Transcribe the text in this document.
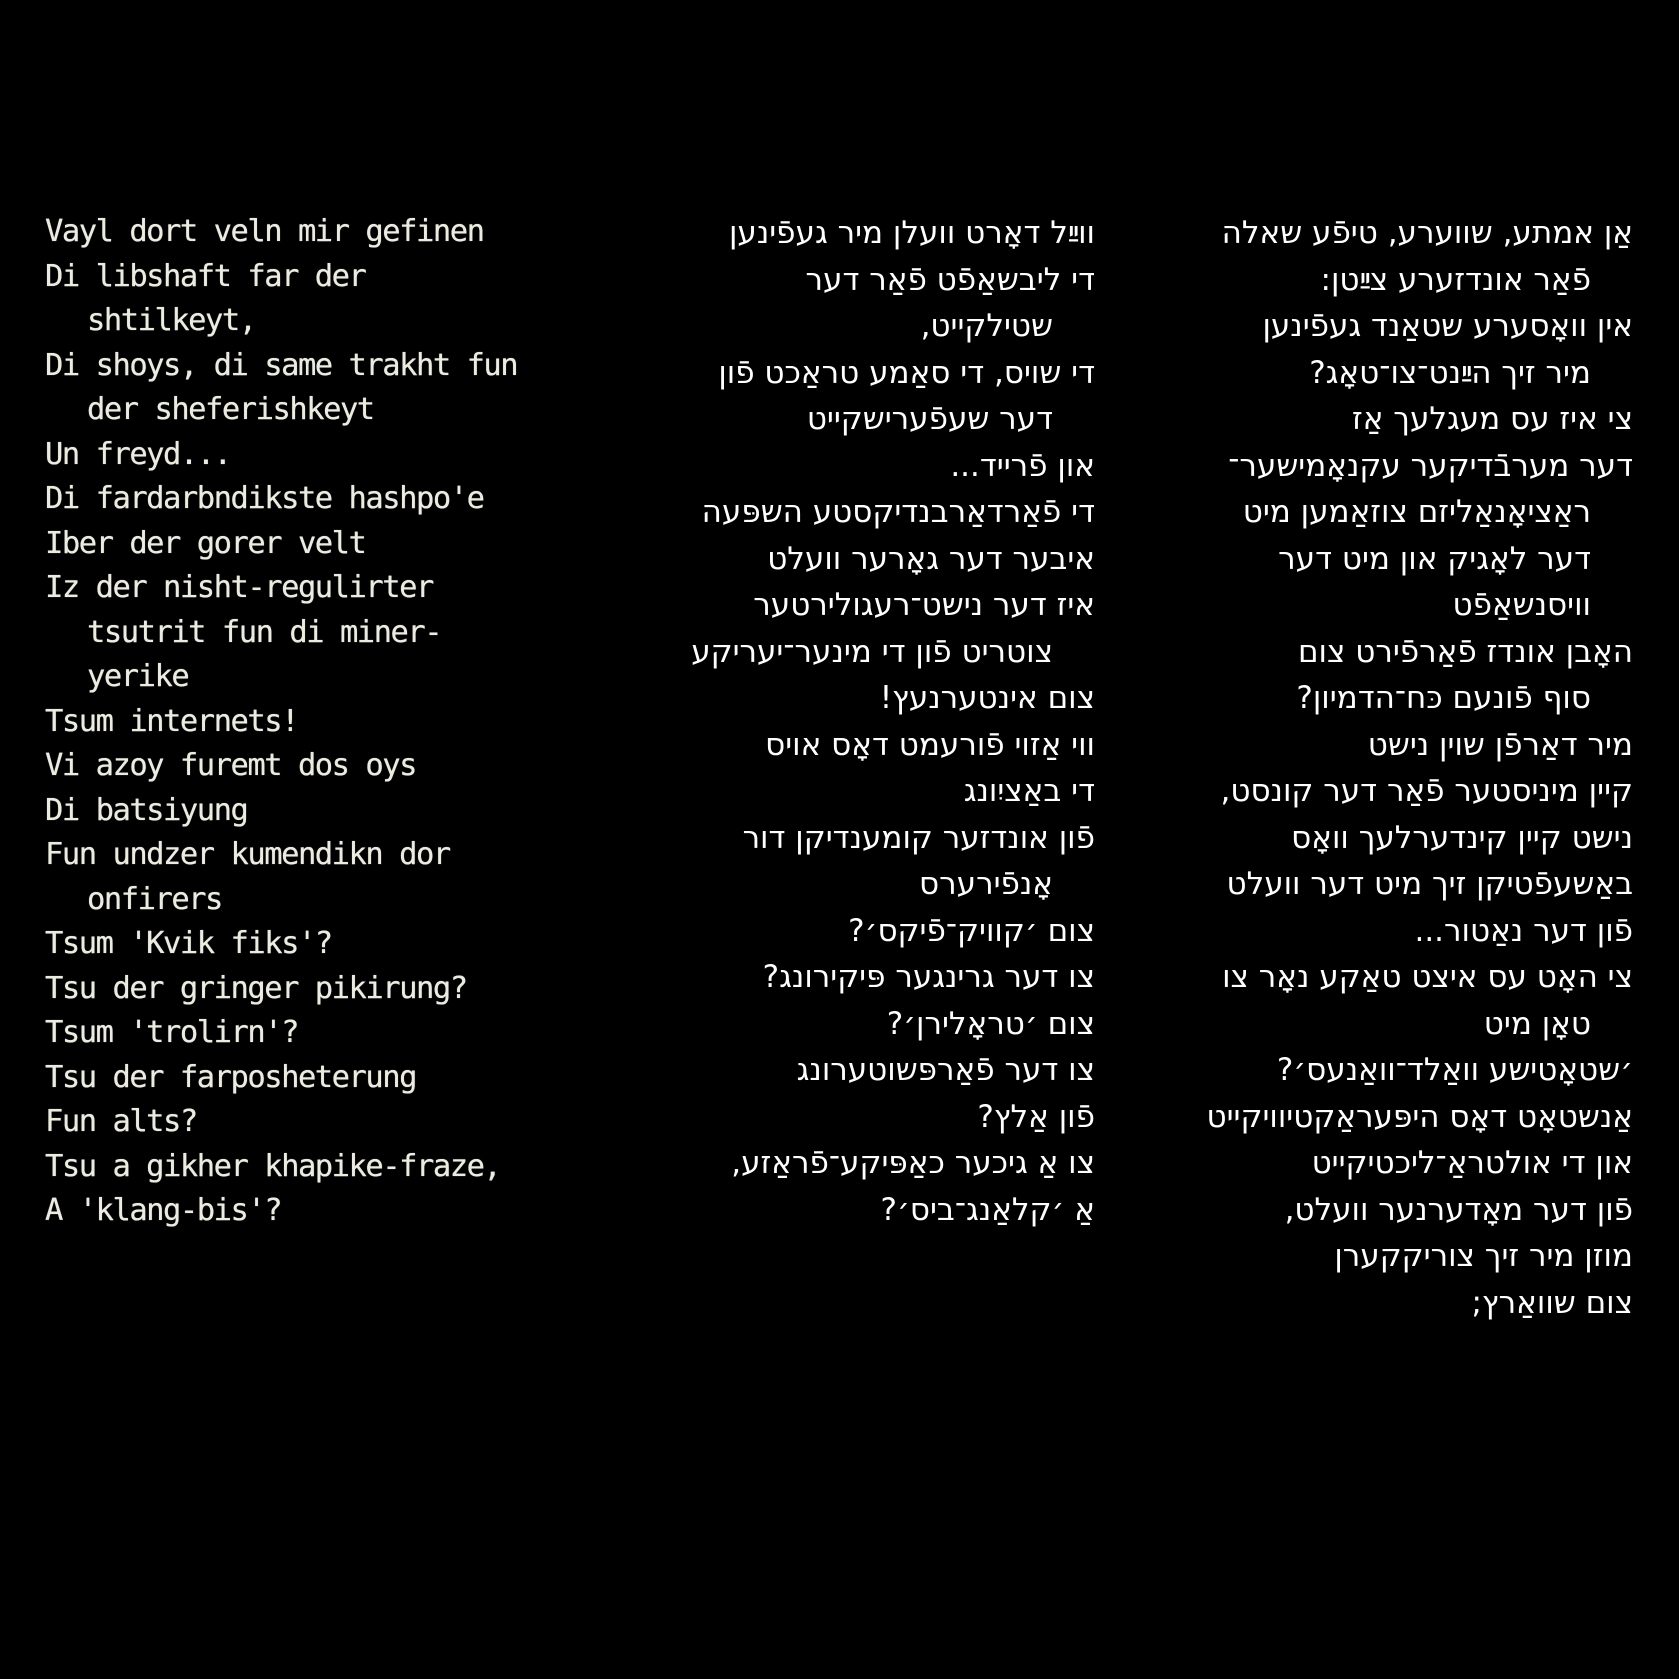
Vayl dort veln mir gefinen
Di libshaft far der
shtilkeyt,
Di shoys, di same trakht fun
der sheferishkeyt
Un freyd...
Di fardarbndikste hashpo'e
Iber der gorer velt
Iz der nisht-regulirter
tsutrit fun di miner-
yerike
Tsum internets!
Vi azoy furemt dos oys
Di batsiyung
Fun undzer kumendikn dor
onfirers
Tsum 'Kvik fiks'?
Tsu der gringer pikirung?
Tsum 'trolirn'?
Tsu der farposheterung
Fun alts?
Tsu a gikher khapike-fraze,
A 'klang-bis'?
ווײַל דאָרט וועלן מיר געפֿינען
די ליבשאַפֿט פֿאַר דער
שטילקייט,
די שויס, די סאַמע טראַכט פֿון
דער שעפֿערישקייט
און פֿרייד...
די פֿאַרדאַרבנדיקסטע השפּעה
איבער דער גאָרער וועלט
איז דער נישט־רעגולירטער
צוטריט פֿון די מינער־יעריקע
צום אינטערנעץ!
ווי אַזוי פֿורעמט דאָס אויס
די באַציִונג
פֿון אונדזער קומענדיקן דור
אָנפֿירערס
צום ׳קוויק־פֿיקס׳?
צו דער גרינגער פּיקירונג?
צום ׳טראָלירן׳?
צו דער פֿאַרפּשוטערונג
פֿון אַלץ?
צו אַ גיכער כאַפּיקע־פֿראַזע,
אַ ׳קלאַנג־ביס׳?
אַן אמתע, שווערע, טיפֿע שאלה
פֿאַר אונדזערע צײַטן:
אין וואָסערע שטאַנד געפֿינען
מיר זיך הײַנט־צו־טאָג?
צי איז עס מעגלעך אַז
דער מערבֿדיקער עקנאָמישער־
ראַציאָנאַליזם צוזאַמען מיט
דער לאָגיק און מיט דער
וויסנשאַפֿט
האָבן אונדז פֿאַרפֿירט צום
סוף פֿונעם כּח־הדמיון?
מיר דאַרפֿן שוין נישט
קיין מיניסטער פֿאַר דער קונסט,
נישט קיין קינדערלעך וואָס
באַשעפֿטיקן זיך מיט דער וועלט
פֿון דער נאַטור...
צי האָט עס איצט טאַקע נאָר צו
טאָן מיט
׳שטאָטישע וואַלד־וואַנעס׳?
אַנשטאָט דאָס היפּעראַקטיוויקייט
און די אולטראַ־ליכטיקייט
פֿון דער מאָדערנער וועלט,
מוזן מיר זיך צוריקקערן
צום שוואַרץ;
